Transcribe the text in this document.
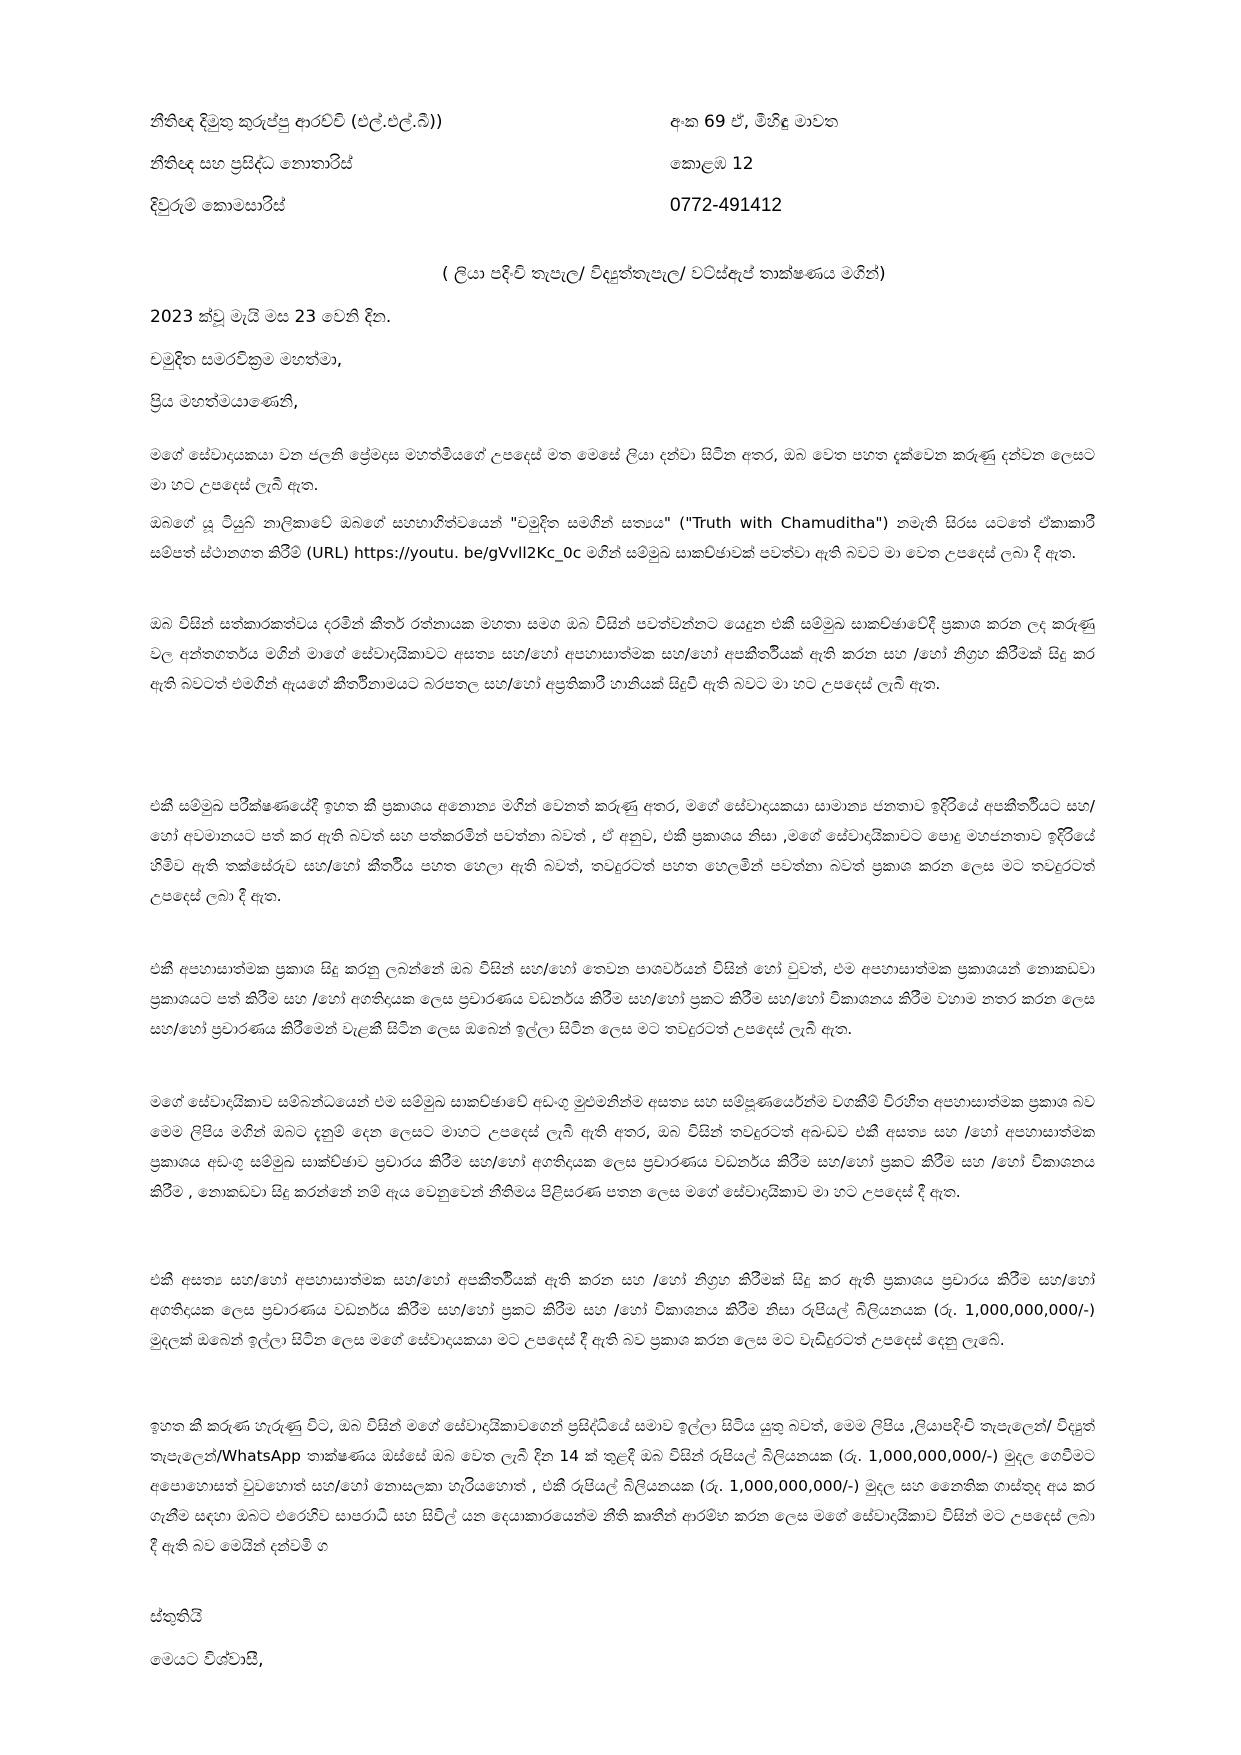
නීතිඥ දිමුතු කුරුප්පු ආරච්චි (එල්.එල්.බී))	අංක 69 ඒ, මීහිඳු මාවත
නීතිඥ සහ ප්‍රසිද්ධ නොතාරිස්	කොළඹ 12
දිවුරුම් කොමසාරිස්	0772-491412
( ලියා පදිංචි තැපැල/ විද්‍යුත්තැපැල/ වට්ස්ඇප් තාක්ෂණය මගින්)
2023 ක්වූ මැයි මස 23 වෙනි දින.
චමුදිත සමරවික්‍රම මහත්මා,
ප්‍රිය මහත්මයාණෙනි,

මගේ සේවාදායකයා වන ජලනි ප්‍රේමදාස මහත්මියගේ උපදෙස් මත මෙසේ ලියා දන්වා සිටින අතර, ඔබ වෙත පහත දැක්වෙන කරුණු දන්වන ලෙසට මා හට උපදෙස් ලැබී ඇත.

ඔබගේ යූ ටියුබ් නාලිකාවේ ඔබගේ සහභාගිත්වයෙන් "චමුදිත සමගින් සත්‍යය" ("Truth with Chamuditha") නමැති සිරස යටතේ ඒකාකාරී සම්පත් ස්ථානගත කිරීම් (URL) https://youtu. be/gVvll2Kc_0c මගින් සම්මුඛ සාකච්ඡාවක් පවත්වා ඇති බවට මා වෙත උපදෙස් ලබා දී ඇත.

ඔබ විසින් සත්කාරකත්වය දරමින් කීතර් රත්නායක මහතා සමග ඔබ විසින් පවත්වන්නට යෙදුන එකී සම්මුඛ සාකච්ඡාවේදී ප්‍රකාශ කරන ලද කරුණු වල අන්තගර්තය මගින් මාගේ සේවාදායිකාවට අසත්‍ය සහ/හෝ අපහාසාත්මක සහ/හෝ අපකීර්තියක් ඇති කරන සහ /හෝ නිග්‍රහ කිරීමක් සිදු කර ඇති බවටත් එමගින් ඇයගේ කීර්තිනාමයට බරපතල සහ/හෝ අප්‍රතිකාරී හානියක් සිදුවී ඇති බවට මා හට උපදෙස් ලැබී ඇත.

එකී සම්මුඛ පරීක්ෂණයේදී ඉහත කී ප්‍රකාශය අනොන්‍ය මගින් වෙනත් කරුණු අතර, මගේ සේවාදායකයා සාමාන්‍ය ජනතාව ඉදිරියේ අපකීර්තියට සහ/හෝ අවමානයට පත් කර ඇති බවත් සහ පත්කරමින් පවත්නා බවත් , ඒ අනුව, එකී ප්‍රකාශය නිසා ,මගේ සේවාදායිකාවට පොදු මහජනතාව ඉදිරියේ හිමිව ඇති තක්සේරුව සහ/හෝ කීර්තිය පහත හෙලා ඇති බවත්, තවදුරටත් පහත හෙලමින් පවත්නා බවත් ප්‍රකාශ කරන ලෙස මට තවදුරටත් උපදෙස් ලබා දී ඇත.

එකී අපහාසාත්මක ප්‍රකාශ සිදු කරනු ලබන්නේ ඔබ විසින් සහ/හෝ තෙවන පාශර්වයන් විසින් හෝ වුවත්, එම අපහාසාත්මක ප්‍රකාශයන් නොකඩවා ප්‍රකාශයට පත් කිරීම සහ /හෝ අගතිදායක ලෙස ප්‍රචාරණය වඩර්නය කිරීම සහ/හෝ ප්‍රකට කිරීම සහ/හෝ විකාශනය කිරීම වහාම නතර කරන ලෙස සහ/හෝ ප්‍රචාරණය කිරීමෙන් වැළකී සිටින ලෙස ඔබෙන් ඉල්ලා සිටින ලෙස මට තවදුරටත් උපදෙස් ලැබී ඇත.

මගේ සේවාදායිකාව සම්බන්ධයෙන් එම සම්මුඛ සාකච්ඡාවේ අඩංගු මුළුමනින්ම අසත්‍ය සහ සම්පූණර්යෙන්ම වගකීම් විරහිත අපහාසාත්මක ප්‍රකාශ බව මෙම ලිපිය මගින් ඔබට දැනුම් දෙන ලෙසට මාහට උපදෙස් ලැබී ඇති අතර, ඔබ විසින් තවදුරටත් අඛංඩව එකී අසත්‍ය සහ /හෝ අපහාසාත්මක ප්‍රකාශය අඩංගු සම්මුඛ සාක්ච්ඡාව ප්‍රචාරය කිරීම සහ/හෝ අගතිදායක ලෙස ප්‍රචාරණය වඩර්නය කිරීම සහ/හෝ ප්‍රකට කිරීම සහ /හෝ විකාශනය කිරීම , නොකඩවා සිදු කරන්නේ නම් ඇය වෙනුවෙන් නීතිමය පිළිසරණ පතන ලෙස මගේ සේවාදායිකාව මා හට උපදෙස් දී ඇත.

එකී අසත්‍ය සහ/හෝ අපහාසාත්මක සහ/හෝ අපකීර්තියක් ඇති කරන සහ /හෝ නිග්‍රහ කිරීමක් සිදු කර ඇති ප්‍රකාශය ප්‍රචාරය කිරීම සහ/හෝ අගතිදායක ලෙස ප්‍රචාරණය වඩර්නය කිරීම සහ/හෝ ප්‍රකට කිරීම සහ /හෝ විකාශනය කිරීම නිසා රුපියල් බිලියනයක (රු. 1,000,000,000/-) මුදලක් ඔබෙන් ඉල්ලා සිටින ලෙස මගේ සේවාදායකයා මට උපදෙස් දී ඇති බව ප්‍රකාශ කරන ලෙස මට වැඩිදුරටත් උපදෙස් දෙනු ලැබේ.

ඉහත කී කරුණ හැරුණු විට, ඔබ විසින් මගේ සේවාදායිකාවගෙන් ප්‍රසිද්ධියේ සමාව ඉල්ලා සිටිය යුතු බවත්, මෙම ලිපිය ,ලියාපදිංචි තැපැලෙන්/ විද්‍යුත් තැපැලෙන්/WhatsApp තාක්ෂණය ඔස්සේ ඔබ වෙත ලැබී දින 14 ක් තුළදී ඔබ විසින් රුපියල් බිලියනයක (රු. 1,000,000,000/-) මුදල ගෙවීමට අපොහොසත් වුවහොත් සහ/හෝ නොසලකා හැරියහොත් , එකී රුපියල් බිලියනයක (රු. 1,000,000,000/-) මුදල සහ නෛතික ගාස්තුද අය කර ගැනීම සඳහා ඔබට එරෙහිව සාපරාධී සහ සිවිල් යන දෙයාකාරයෙන්ම නීති කෘතීන් ආරම්භ කරන ලෙස මගේ සේවාදායිකාව විසින් මට උපදෙස් ලබා දී ඇති බව මෙයින් දන්වමි ග

ස්තුතියි
මෙයට විශ්වාසී,
